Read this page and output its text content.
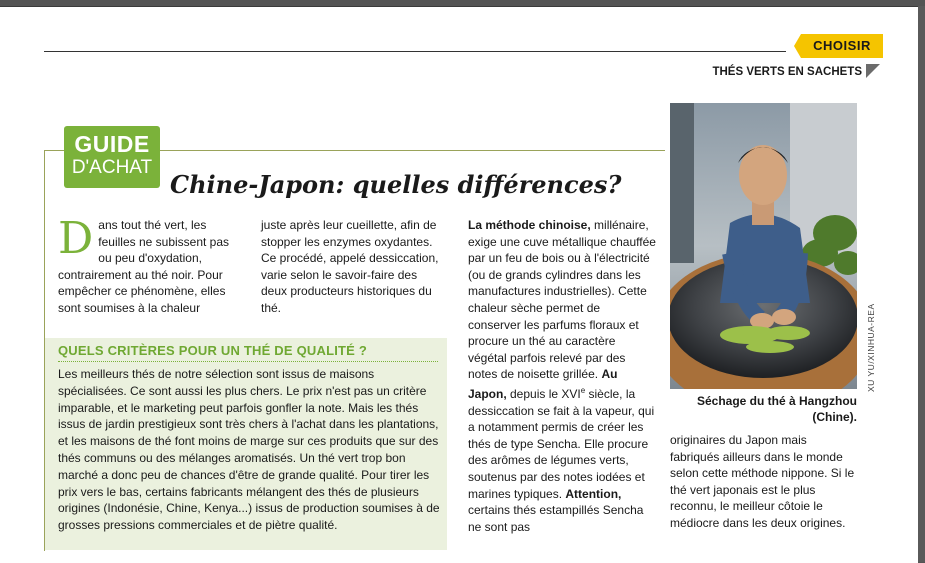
CHOISIR
THÉS VERTS EN SACHETS
GUIDE
D'ACHAT
Chine-Japon: quelles différences?
Dans tout thé vert, les feuilles ne subissent pas ou peu d'oxydation, contrairement au thé noir. Pour empêcher ce phénomène, elles sont soumises à la chaleur
juste après leur cueillette, afin de stopper les enzymes oxydantes. Ce procédé, appelé dessiccation, varie selon le savoir-faire des deux producteurs historiques du thé.
La méthode chinoise, millénaire, exige une cuve métallique chauffée par un feu de bois ou à l'électricité (ou de grands cylindres dans les manufactures industrielles). Cette chaleur sèche permet de conserver les parfums floraux et procure un thé au caractère végétal parfois relevé par des notes de noisette grillée. Au Japon, depuis le XVIe siècle, la dessiccation se fait à la vapeur, qui a notamment permis de créer les thés de type Sencha. Elle procure des arômes de légumes verts, soutenus par des notes iodées et marines typiques. Attention, certains thés estampillés Sencha ne sont pas
originaires du Japon mais fabriqués ailleurs dans le monde selon cette méthode nippone. Si le thé vert japonais est le plus reconnu, le meilleur côtoie le médiocre dans les deux origines.
QUELS CRITÈRES POUR UN THÉ DE QUALITÉ ?
Les meilleurs thés de notre sélection sont issus de maisons spécialisées. Ce sont aussi les plus chers. Le prix n'est pas un critère imparable, et le marketing peut parfois gonfler la note. Mais les thés issus de jardin prestigieux sont très chers à l'achat dans les plantations, et les maisons de thé font moins de marge sur ces produits que sur des thés communs ou des mélanges aromatisés. Un thé vert trop bon marché a donc peu de chances d'être de grande qualité. Pour tirer les prix vers le bas, certains fabricants mélangent des thés de plusieurs origines (Indonésie, Chine, Kenya...) issus de production soumises à de grosses pressions commerciales et de piètre qualité.
XU YU/XINHUA-REA
Séchage du thé à Hangzhou (Chine).
